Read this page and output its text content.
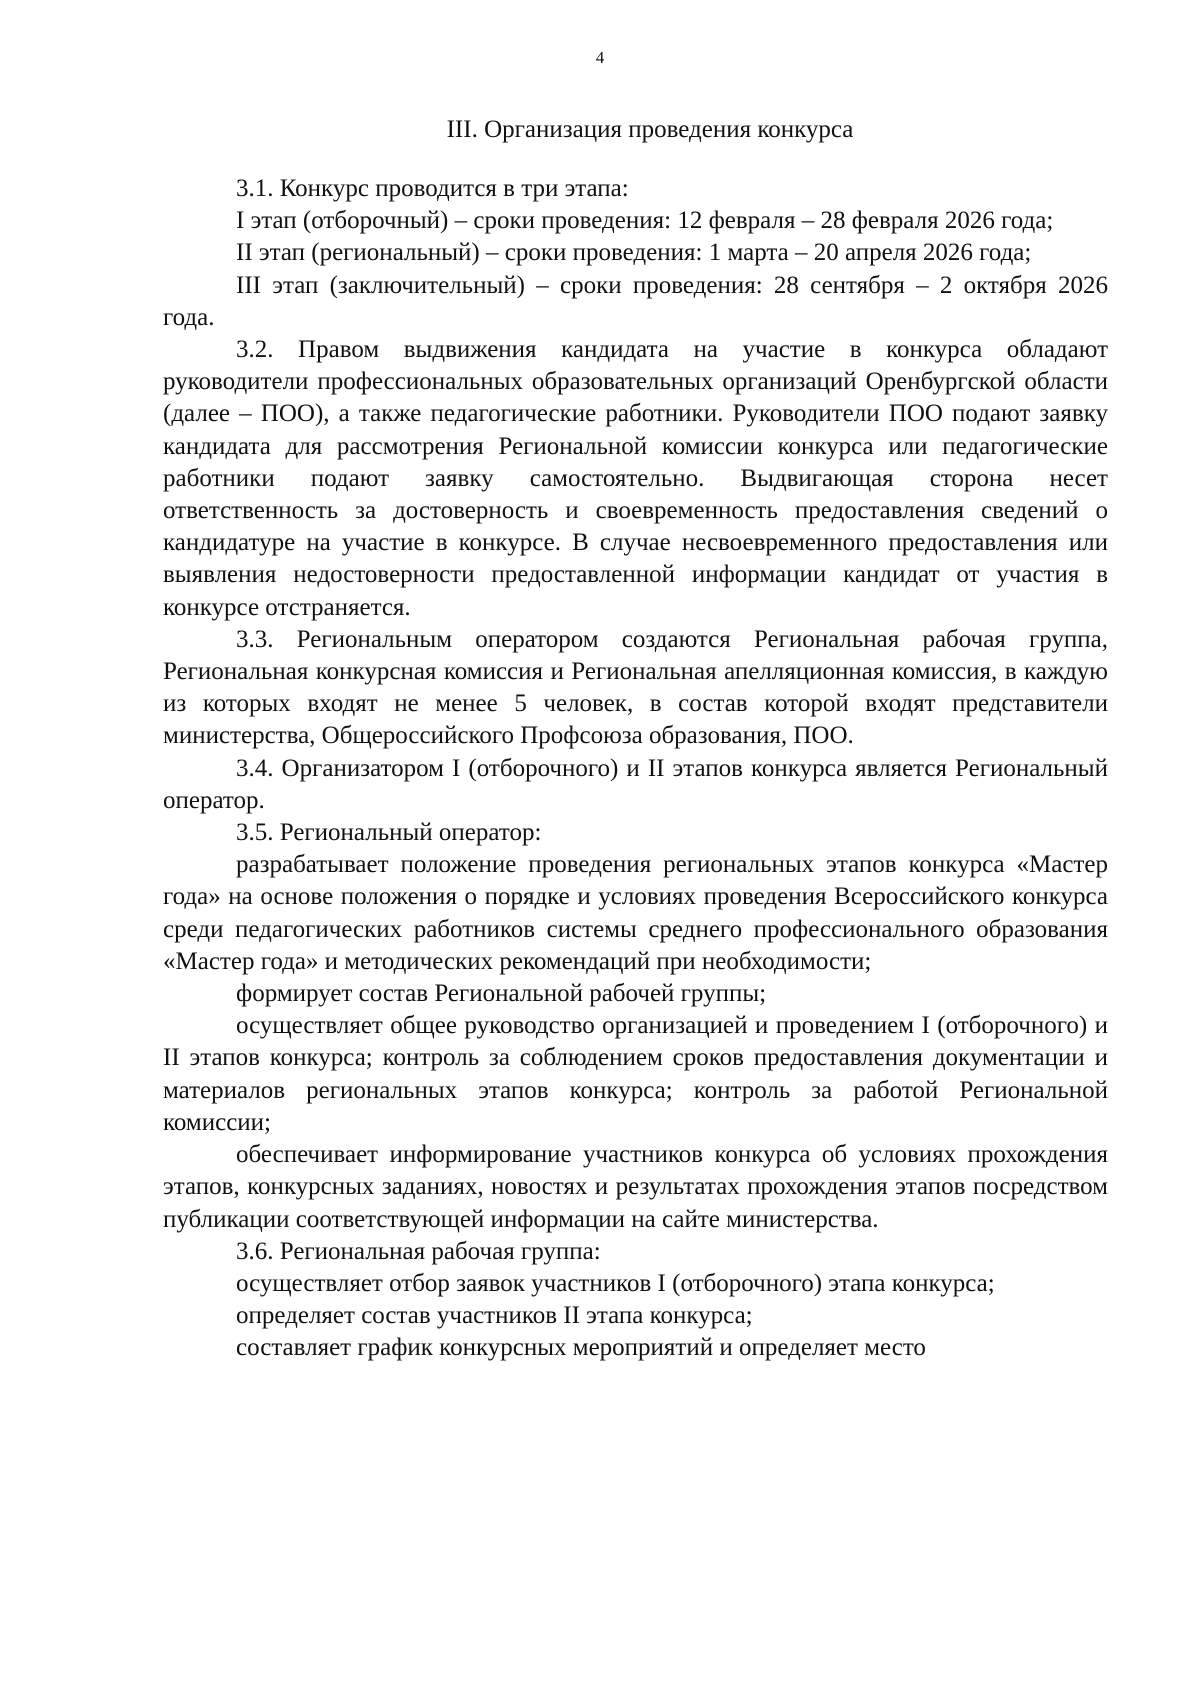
4
III. Организация проведения конкурса

3.1. Конкурс проводится в три этапа:

I этап (отборочный) – сроки проведения: 12 февраля – 28 февраля 2026 года;

II этап (региональный) – сроки проведения: 1 марта – 20 апреля 2026 года;

III этап (заключительный) – сроки проведения: 28 сентября – 2 октября 2026 года.

3.2. Правом выдвижения кандидата на участие в конкурса обладают руководители профессиональных образовательных организаций Оренбургской области (далее – ПОО), а также педагогические работники. Руководители ПОО подают заявку кандидата для рассмотрения Региональной комиссии конкурса или педагогические работники подают заявку самостоятельно. Выдвигающая сторона несет ответственность за достоверность и своевременность предоставления сведений о кандидатуре на участие в конкурсе. В случае несвоевременного предоставления или выявления недостоверности предоставленной информации кандидат от участия в конкурсе отстраняется.

3.3. Региональным оператором создаются Региональная рабочая группа, Региональная конкурсная комиссия и Региональная апелляционная комиссия, в каждую из которых входят не менее 5 человек, в состав которой входят представители министерства, Общероссийского Профсоюза образования, ПОО.

3.4. Организатором I (отборочного) и II этапов конкурса является Региональный оператор.

3.5. Региональный оператор:

разрабатывает положение проведения региональных этапов конкурса «Мастер года» на основе положения о порядке и условиях проведения Всероссийского конкурса среди педагогических работников системы среднего профессионального образования «Мастер года» и методических рекомендаций при необходимости;

формирует состав Региональной рабочей группы;

осуществляет общее руководство организацией и проведением I (отборочного) и II этапов конкурса; контроль за соблюдением сроков предоставления документации и материалов региональных этапов конкурса; контроль за работой Региональной комиссии;

обеспечивает информирование участников конкурса об условиях прохождения этапов, конкурсных заданиях, новостях и результатах прохождения этапов посредством публикации соответствующей информации на сайте министерства.

3.6. Региональная рабочая группа:

осуществляет отбор заявок участников I (отборочного) этапа конкурса;

определяет состав участников II этапа конкурса;

составляет график конкурсных мероприятий и определяет место
